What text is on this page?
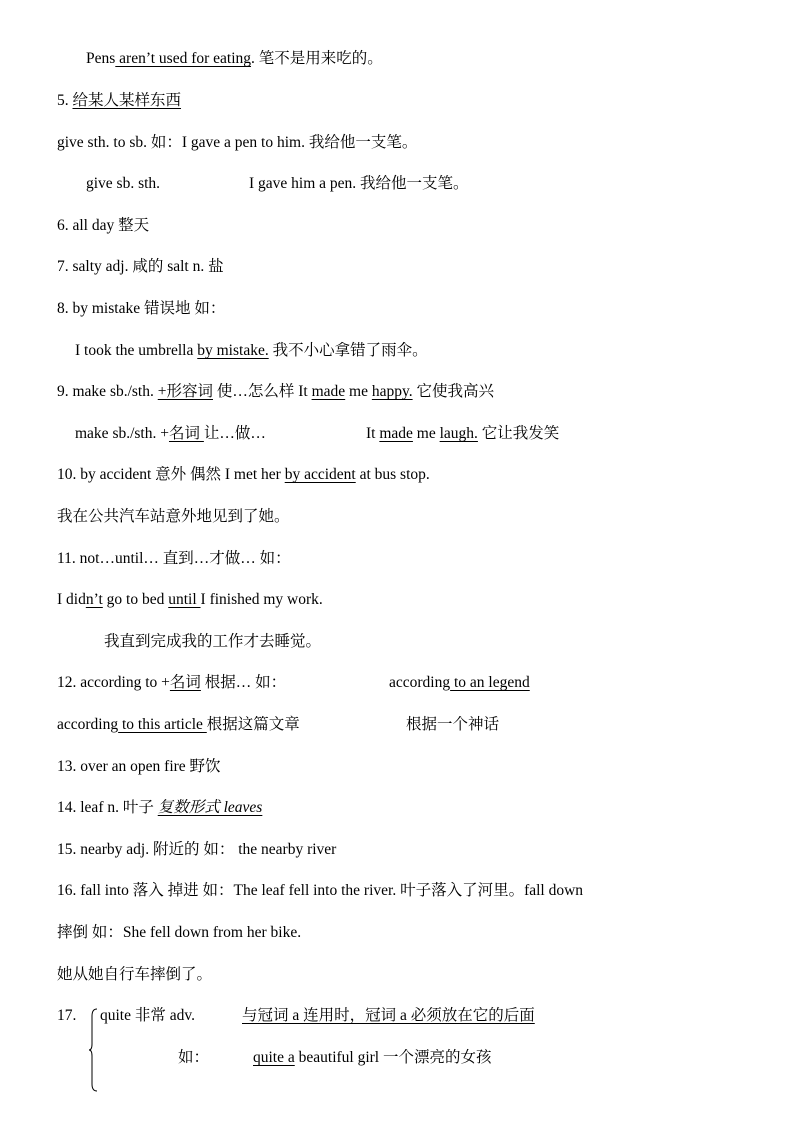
Pens aren’t used for eating. 笔不是用来吃的。
5. 给某人某样东西
give sth. to sb. 如：I gave a pen to him. 我给他一支笔。
give sb. sth.	I gave him a pen. 我给他一支笔。
6. all day 整天
7. salty adj. 咸的 salt n. 盐
8. by mistake 错误地 如：
I took the umbrella by mistake. 我不小心拿错了雨伞。
9. make sb./sth. +形容词 使…怎么样 It made me happy. 它使我高兴
make sb./sth. +名词 让…做…	It made me laugh. 它让我发笑
10. by accident 意外 偶然 I met her by accident at bus stop.
我在公共汽车站意外地见到了她。
11. not…until… 直到…才做… 如：
I didn’t go to bed until I finished my work.
我直到完成我的工作才去睡觉。
12. according to +名词 根据… 如：	according to an legend
according to this article 根据这篇文章	根据一个神话
13. over an open fire 野饮
14. leaf n. 叶子 复数形式 leaves
15. nearby adj. 附近的 如： the nearby river
16. fall into 落入 掉进 如：The leaf fell into the river. 叶子落入了河里。fall down
摔倒 如：She fell down from her bike.
她从她自行车摔倒了。
17. quite 非常 adv.	与冠词 a 连用时，冠词 a 必须放在它的后面
如：	quite a beautiful girl 一个漂亮的女孩
